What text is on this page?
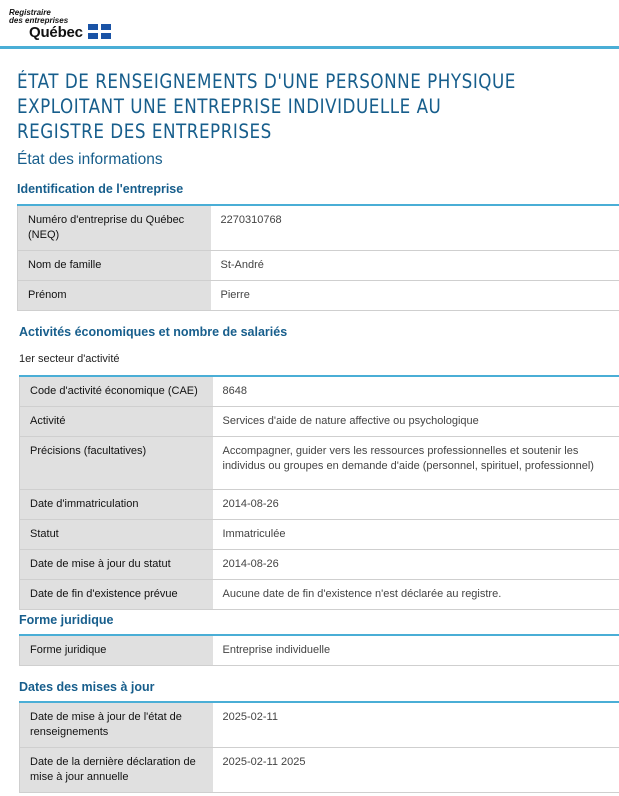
Registraire
des entreprises
Québec
ÉTAT DE RENSEIGNEMENTS D'UNE PERSONNE PHYSIQUE EXPLOITANT UNE ENTREPRISE INDIVIDUELLE AU REGISTRE DES ENTREPRISES
État des informations
Identification de l'entreprise
Numéro d'entreprise du Québec (NEQ)	2270310768
Nom de famille	St-André
Prénom	Pierre
Activités économiques et nombre de salariés
1er secteur d'activité
Code d'activité économique (CAE)	8648
Activité	Services d'aide de nature affective ou psychologique
Précisions (facultatives)	Accompagner, guider vers les ressources professionnelles et soutenir les individus ou groupes en demande d'aide (personnel, spirituel, professionnel)
Date d'immatriculation	2014-08-26
Statut	Immatriculée
Date de mise à jour du statut	2014-08-26
Date de fin d'existence prévue	Aucune date de fin d'existence n'est déclarée au registre.
Forme juridique
Forme juridique	Entreprise individuelle
Dates des mises à jour
Date de mise à jour de l'état de renseignements	2025-02-11
Date de la dernière déclaration de mise à jour annuelle	2025-02-11 2025
